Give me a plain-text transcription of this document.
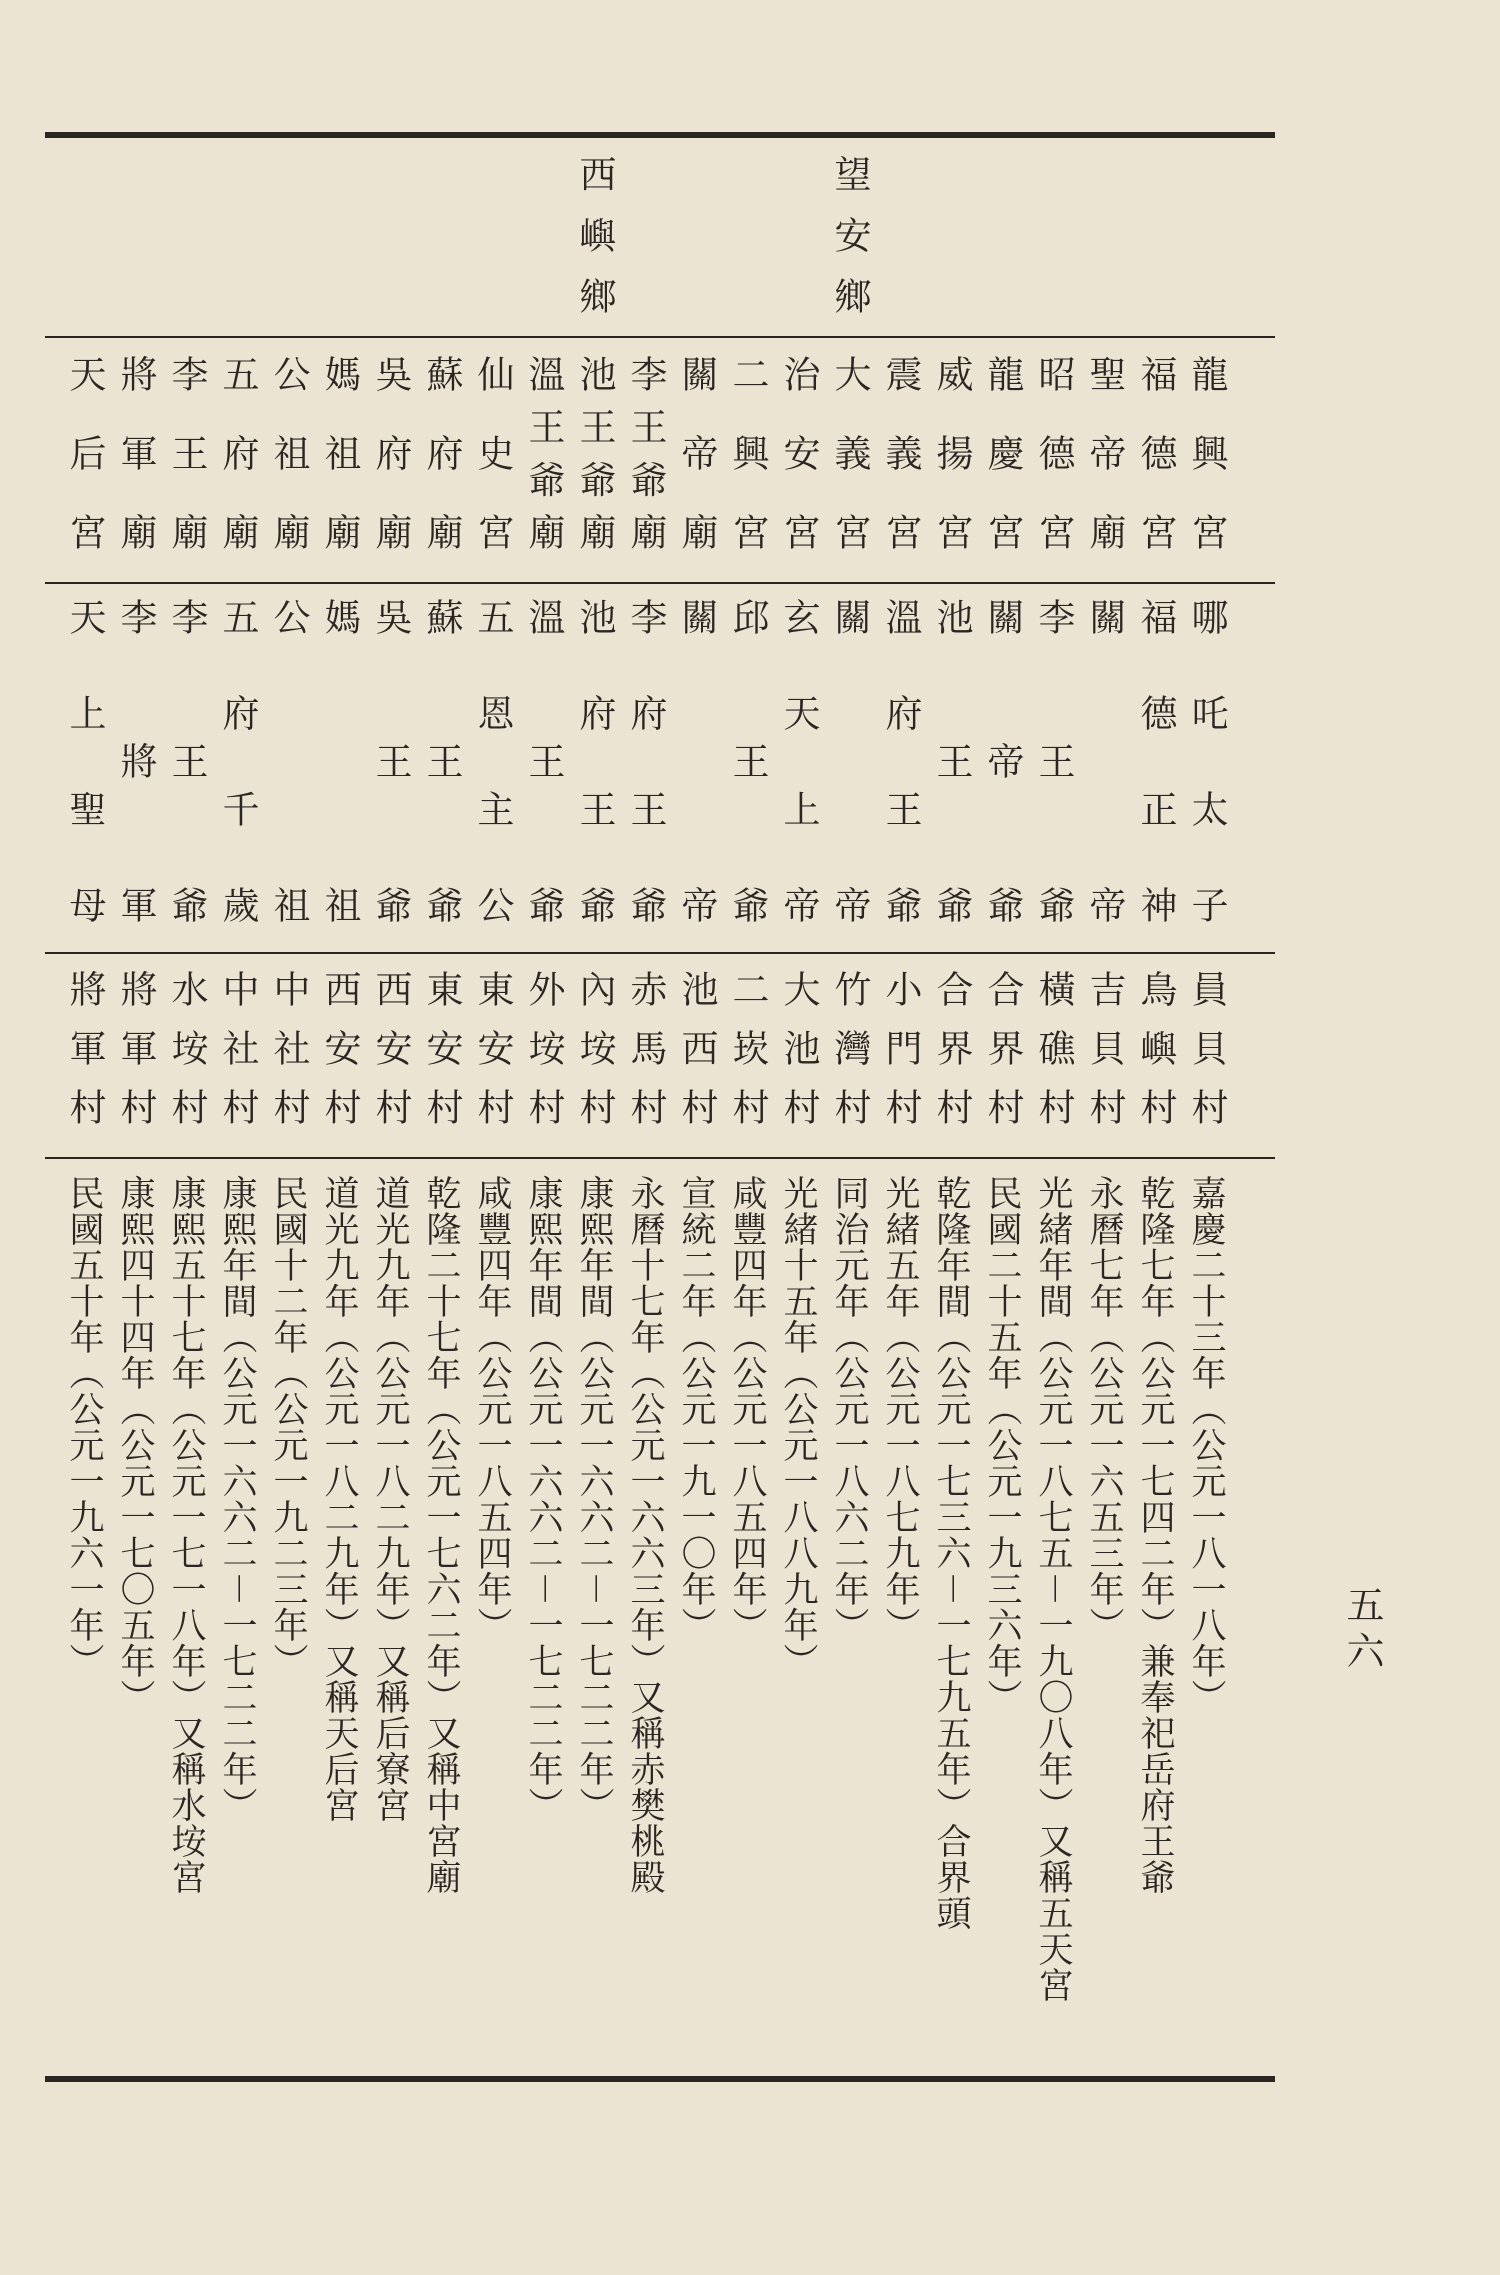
西嶼鄉	望安鄉
龍興宮
哪吒太子
員貝村
嘉慶二十三年（公元一八一八年）
福德宮
福德正神
鳥嶼村
乾隆七年（公元一七四二年）兼奉祀岳府王爺
聖帝廟
關帝
吉貝村
永曆七年（公元一六五三年）
昭德宮
李王爺
橫礁村
光緒年間（公元一八七五－一九〇八年）又稱五天宮
龍慶宮
關帝爺
合界村
民國二十五年（公元一九三六年）
威揚宮
池王爺
合界村
乾隆年間（公元一七三六－一七九五年）合界頭
震義宮
溫府王爺
小門村
光緒五年（公元一八七九年）
大義宮
關帝
竹灣村
同治元年（公元一八六二年）
治安宮
玄天上帝
大池村
光緒十五年（公元一八八九年）
二興宮
邱王爺
二崁村
咸豐四年（公元一八五四年）
關帝廟
關帝
池西村
宣統二年（公元一九一〇年）
李王爺廟
李府王爺
赤馬村
永曆十七年（公元一六六三年）又稱赤樊桃殿
池王爺廟
池府王爺
內垵村
康熙年間（公元一六六二－一七二二年）
溫王爺廟
溫王爺
外垵村
康熙年間（公元一六六二－一七二二年）
仙史宮
五恩主公
東安村
咸豐四年（公元一八五四年）
蘇府廟
蘇王爺
東安村
乾隆二十七年（公元一七六二年）又稱中宮廟
吳府廟
吳王爺
西安村
道光九年（公元一八二九年）又稱后寮宮
媽祖廟
媽祖
西安村
道光九年（公元一八二九年）又稱天后宮
公祖廟
公祖
中社村
民國十二年（公元一九二三年）
五府廟
五府千歲
中社村
康熙年間（公元一六六二－一七二二年）
李王廟
李王爺
水垵村
康熙五十七年（公元一七一八年）又稱水垵宮
將軍廟
李將軍
將軍村
康熙四十四年（公元一七〇五年）
天后宮
天上聖母
將軍村
民國五十年（公元一九六一年）	五六
